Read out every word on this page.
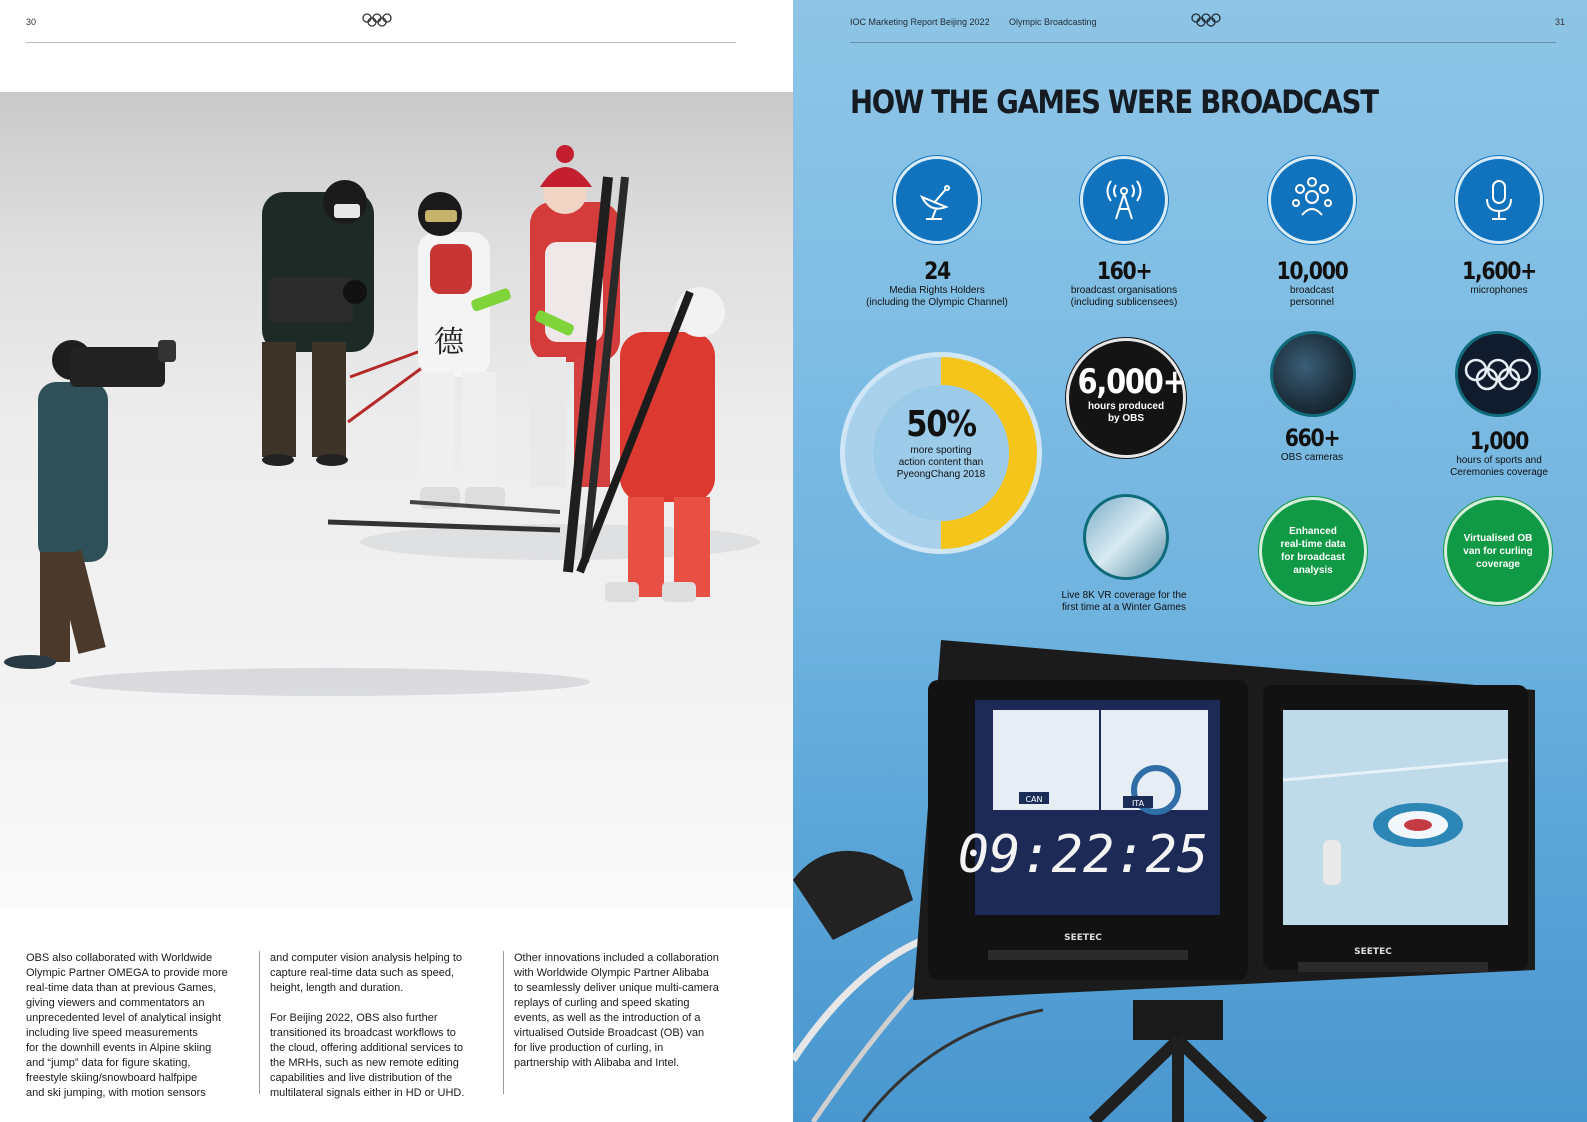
30
德
OBS also collaborated with Worldwide
Olympic Partner OMEGA to provide more
real-time data than at previous Games,
giving viewers and commentators an
unprecedented level of analytical insight
including live speed measurements
for the downhill events in Alpine skiing
and “jump” data for figure skating,
freestyle skiing/snowboard halfpipe
and ski jumping, with motion sensors
and computer vision analysis helping to
capture real-time data such as speed,
height, length and duration.

For Beijing 2022, OBS also further
transitioned its broadcast workflows to
the cloud, offering additional services to
the MRHs, such as new remote editing
capabilities and live distribution of the
multilateral signals either in HD or UHD.
Other innovations included a collaboration
with Worldwide Olympic Partner Alibaba
to seamlessly deliver unique multi-camera
replays of curling and speed skating
events, as well as the introduction of a
virtualised Outside Broadcast (OB) van
for live production of curling, in
partnership with Alibaba and Intel.
IOC Marketing Report Beijing 2022 Olympic Broadcasting	31
HOW THE GAMES WERE BROADCAST
24
Media Rights Holders
(including the Olympic Channel)
160+
broadcast organisations
(including sublicensees)
10,000
broadcast
personnel
1,600+
microphones
50%
more sporting
action content than
PyeongChang 2018
6,000+
hours produced
by OBS
660+
OBS cameras
1,000
hours of sports and
Ceremonies coverage
Live 8K VR coverage for the
first time at a Winter Games
Enhanced
real-time data
for broadcast
analysis
Virtualised OB
van for curling
coverage
CAN	ITA
09:22:25
SEETEC
SEETEC
